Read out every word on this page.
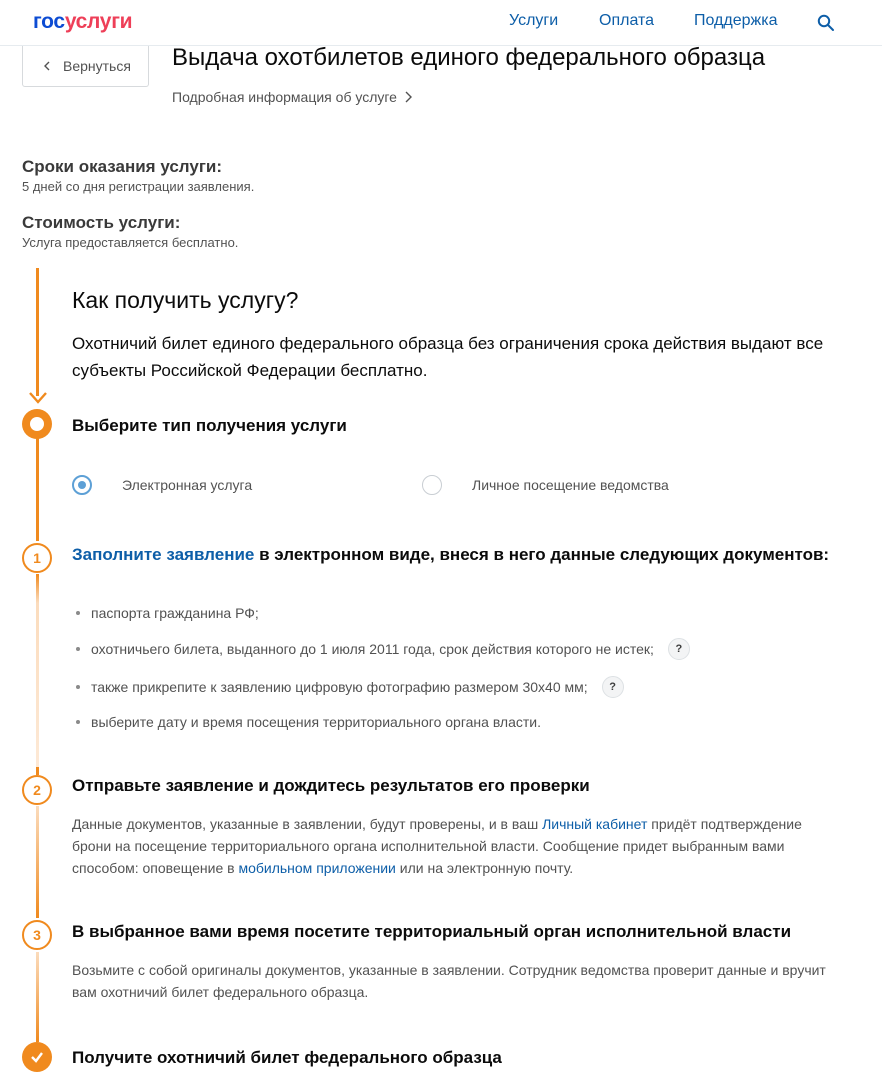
госуслуги	Услуги	Оплата Поддержка
Вернуться Выдача охотбилетов единого федерального образца
Подробная информация об услуге
Сроки оказания услуги:
5 дней со дня регистрации заявления.
Стоимость услуги:
Услуга предоставляется бесплатно.
Как получить услугу?

Охотничий билет единого федерального образца без ограничения срока действия выдают все субъекты Российской Федерации бесплатно.

Выберите тип получения услуги
Электронная услуга	Личное посещение ведомства
1	Заполните заявление в электронном виде, внеся в него данные следующих документов:
паспорта гражданина РФ;
охотничьего билета, выданного до 1 июля 2011 года, срок действия которого не истек;	?
также прикрепите к заявлению цифровую фотографию размером 30х40 мм;	?
выберите дату и время посещения территориального органа власти.
2	Отправьте заявление и дождитесь результатов его проверки

Данные документов, указанные в заявлении, будут проверены, и в ваш Личный кабинет придёт подтверждение брони на посещение территориального органа исполнительной власти. Сообщение придет выбранным вами способом: оповещение в мобильном приложении или на электронную почту.

3	В выбранное вами время посетите территориальный орган исполнительной власти

Возьмите с собой оригиналы документов, указанные в заявлении. Сотрудник ведомства проверит данные и вручит вам охотничий билет федерального образца.

Получите охотничий билет федерального образца
